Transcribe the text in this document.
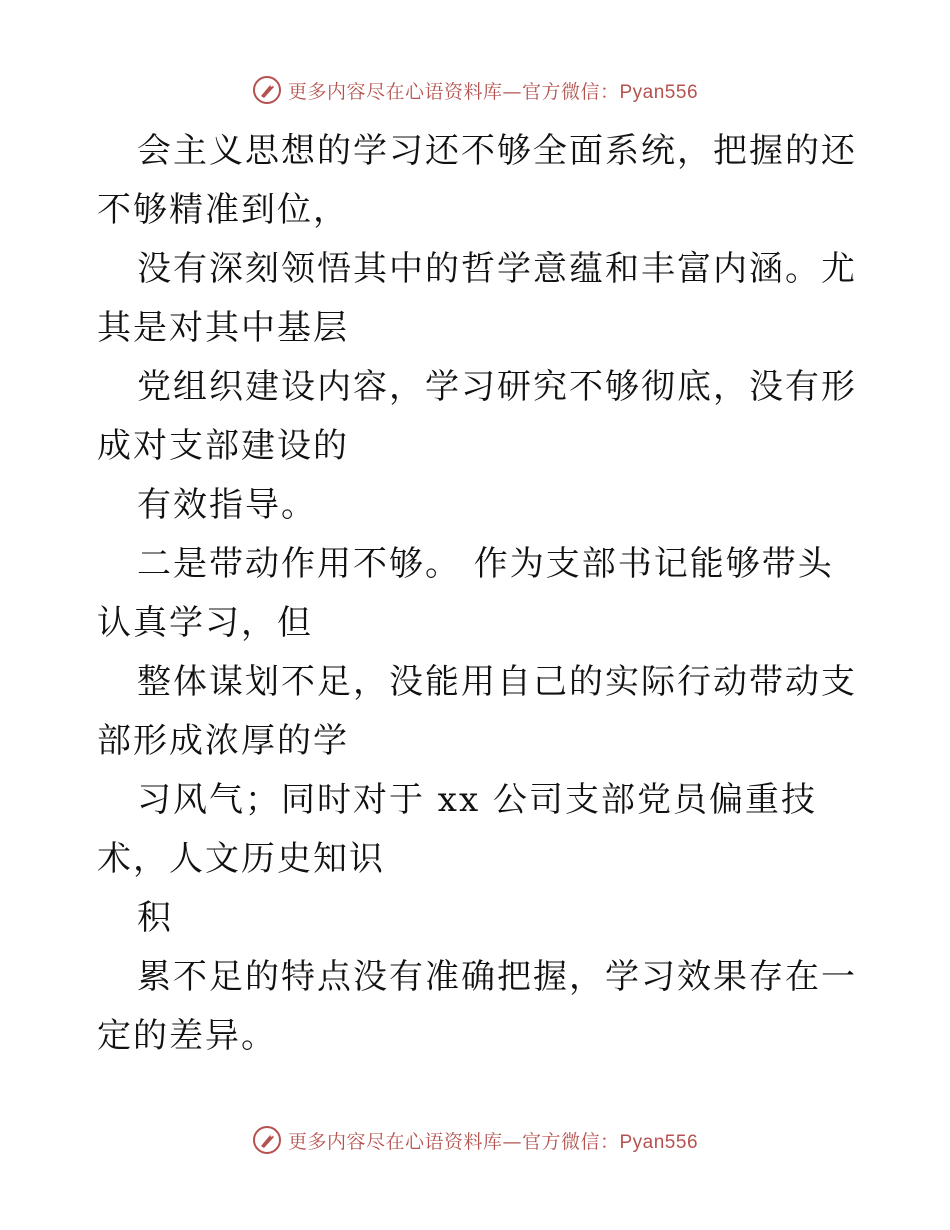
更多内容尽在心语资料库—官方微信：Pyan556

会主义思想的学习还不够全面系统，把握的还不够精准到位，

没有深刻领悟其中的哲学意蕴和丰富内涵。尤其是对其中基层

党组织建设内容，学习研究不够彻底，没有形成对支部建设的

有效指导。

二是带动作用不够。 作为支部书记能够带头认真学习，但

整体谋划不足，没能用自己的实际行动带动支部形成浓厚的学

习风气；同时对于 xx 公司支部党员偏重技术，人文历史知识

积

累不足的特点没有准确把握，学习效果存在一定的差异。

更多内容尽在心语资料库—官方微信：Pyan556
